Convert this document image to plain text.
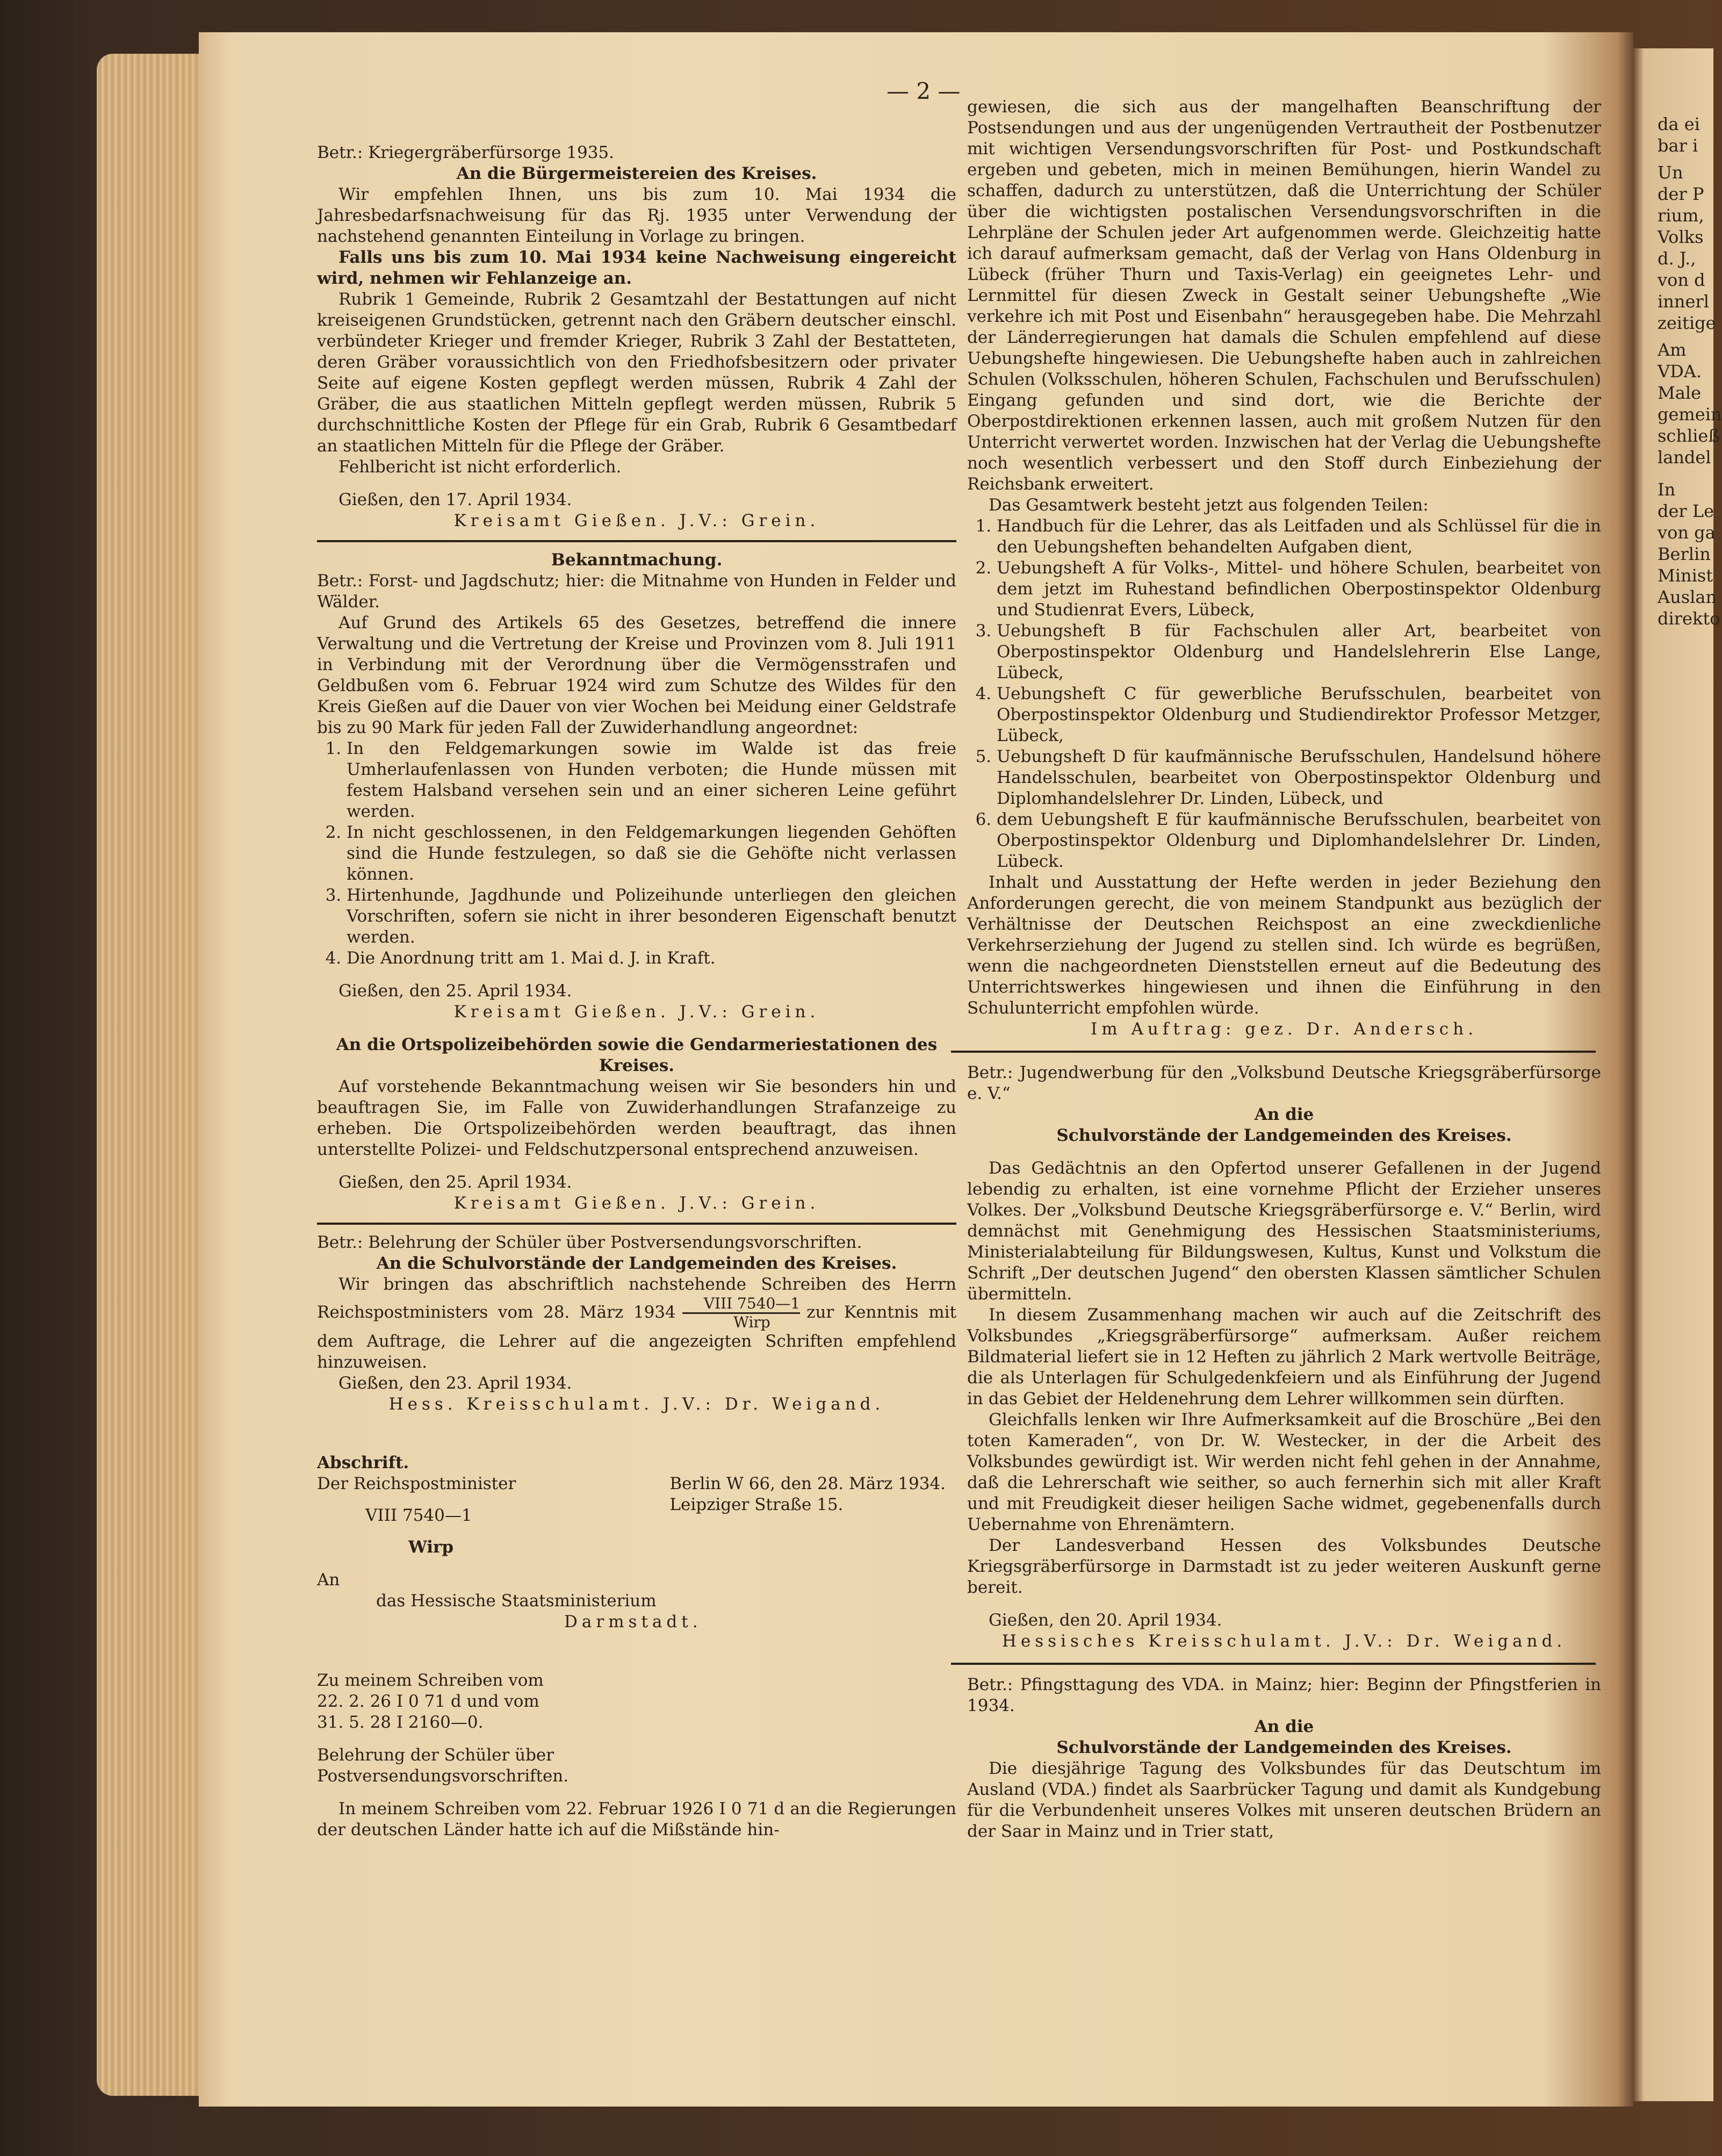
da ei
bar i
Un
der P
rium,
Volks
d. J.,
von d
innerl
zeitige
Am
VDA.
Male
gemein
schließ
landel
In
der Le
von ga
Berlin
Minist
Auslan
direkto
— 2 —

Betr.: Kriegergräberfürsorge 1935.

An die Bürgermeistereien des Kreises.

Wir empfehlen Ihnen, uns bis zum 10. Mai 1934 die Jahresbedarfsnachweisung für das Rj. 1935 unter Verwendung der nachstehend genannten Einteilung in Vorlage zu bringen.

Falls uns bis zum 10. Mai 1934 keine Nachweisung eingereicht wird, nehmen wir Fehlanzeige an.

Rubrik 1 Gemeinde, Rubrik 2 Gesamtzahl der Bestattungen auf nicht kreiseigenen Grundstücken, getrennt nach den Gräbern deutscher einschl. verbündeter Krieger und fremder Krieger, Rubrik 3 Zahl der Bestatteten, deren Gräber voraussichtlich von den Friedhofsbesitzern oder privater Seite auf eigene Kosten gepflegt werden müssen, Rubrik 4 Zahl der Gräber, die aus staatlichen Mitteln gepflegt werden müssen, Rubrik 5 durchschnittliche Kosten der Pflege für ein Grab, Rubrik 6 Gesamtbedarf an staatlichen Mitteln für die Pflege der Gräber.

Fehlbericht ist nicht erforderlich.

Gießen, den 17. April 1934.

Kreisamt Gießen. J.V.: Grein.

Bekanntmachung.

Betr.: Forst- und Jagdschutz; hier: die Mitnahme von Hunden in Felder und Wälder.

Auf Grund des Artikels 65 des Gesetzes, betreffend die innere Verwaltung und die Vertretung der Kreise und Provinzen vom 8. Juli 1911 in Verbindung mit der Verordnung über die Vermögensstrafen und Geldbußen vom 6. Februar 1924 wird zum Schutze des Wildes für den Kreis Gießen auf die Dauer von vier Wochen bei Meidung einer Geldstrafe bis zu 90 Mark für jeden Fall der Zuwiderhandlung angeordnet:

1. In den Feldgemarkungen sowie im Walde ist das freie Umherlaufenlassen von Hunden verboten; die Hunde müssen mit festem Halsband versehen sein und an einer sicheren Leine geführt werden.
2. In nicht geschlossenen, in den Feldgemarkungen liegenden Gehöften sind die Hunde festzulegen, so daß sie die Gehöfte nicht verlassen können.
3. Hirtenhunde, Jagdhunde und Polizeihunde unterliegen den gleichen Vorschriften, sofern sie nicht in ihrer besonderen Eigenschaft benutzt werden.
4. Die Anordnung tritt am 1. Mai d. J. in Kraft.

Gießen, den 25. April 1934.

Kreisamt Gießen. J.V.: Grein.

An die Ortspolizeibehörden sowie die Gendarmeriestationen des Kreises.

Auf vorstehende Bekanntmachung weisen wir Sie besonders hin und beauftragen Sie, im Falle von Zuwiderhandlungen Strafanzeige zu erheben. Die Ortspolizeibehörden werden beauftragt, das ihnen unterstellte Polizei- und Feldschutzpersonal entsprechend anzuweisen.

Gießen, den 25. April 1934.

Kreisamt Gießen. J.V.: Grein.

Betr.: Belehrung der Schüler über Postversendungsvorschriften.

An die Schulvorstände der Landgemeinden des Kreises.

Wir bringen das abschriftlich nachstehende Schreiben des Herrn Reichspostministers vom 28. März $1934 \frac{\text{VIII 7540—1}}{\text{Wirp}}$ zur Kenntnis mit dem Auftrage, die Lehrer auf die angezeigten Schriften empfehlend hinzuweisen.

Gießen, den 23. April 1934.

Hess. Kreisschulamt. J.V.: Dr. Weigand.

Abschrift.

Der Reichspostminister

VIII 7540—1

Wirp

Berlin W 66, den 28. März 1934.

Leipziger Straße 15.

An

das Hessische Staatsministerium

Darmstadt.

Zu meinem Schreiben vom

22. 2. 26 I 0 71 d und vom

31. 5. 28 I 2160—0.

Belehrung der Schüler über

Postversendungsvorschriften.

In meinem Schreiben vom 22. Februar 1926 I 0 71 d an die Regierungen der deutschen Länder hatte ich auf die Mißstände hin-

gewiesen, die sich aus der mangelhaften Beanschriftung der Postsendungen und aus der ungenügenden Vertrautheit der Postbenutzer mit wichtigen Versendungsvorschriften für Post- und Postkundschaft ergeben und gebeten, mich in meinen Bemühungen, hierin Wandel zu schaffen, dadurch zu unterstützen, daß die Unterrichtung der Schüler über die wichtigsten postalischen Versendungsvorschriften in die Lehrpläne der Schulen jeder Art aufgenommen werde. Gleichzeitig hatte ich darauf aufmerksam gemacht, daß der Verlag von Hans Oldenburg in Lübeck (früher Thurn und Taxis-Verlag) ein geeignetes Lehr- und Lernmittel für diesen Zweck in Gestalt seiner Uebungshefte „Wie verkehre ich mit Post und Eisenbahn“ herausgegeben habe. Die Mehrzahl der Länderregierungen hat damals die Schulen empfehlend auf diese Uebungshefte hingewiesen. Die Uebungshefte haben auch in zahlreichen Schulen (Volksschulen, höheren Schulen, Fachschulen und Berufsschulen) Eingang gefunden und sind dort, wie die Berichte der Oberpostdirektionen erkennen lassen, auch mit großem Nutzen für den Unterricht verwertet worden. Inzwischen hat der Verlag die Uebungshefte noch wesentlich verbessert und den Stoff durch Einbeziehung der Reichsbank erweitert.

Das Gesamtwerk besteht jetzt aus folgenden Teilen:

1. Handbuch für die Lehrer, das als Leitfaden und als Schlüssel für die in den Uebungsheften behandelten Aufgaben dient,
2. Uebungsheft A für Volks-, Mittel- und höhere Schulen, bearbeitet von dem jetzt im Ruhestand befindlichen Oberpostinspektor Oldenburg und Studienrat Evers, Lübeck,
3. Uebungsheft B für Fachschulen aller Art, bearbeitet von Oberpostinspektor Oldenburg und Handelslehrerin Else Lange, Lübeck,
4. Uebungsheft C für gewerbliche Berufsschulen, bearbeitet von Oberpostinspektor Oldenburg und Studiendirektor Professor Metzger, Lübeck,
5. Uebungsheft D für kaufmännische Berufsschulen, Handelsund höhere Handelsschulen, bearbeitet von Oberpostinspektor Oldenburg und Diplomhandelslehrer Dr. Linden, Lübeck, und
6. dem Uebungsheft E für kaufmännische Berufsschulen, bearbeitet von Oberpostinspektor Oldenburg und Diplomhandelslehrer Dr. Linden, Lübeck.

Inhalt und Ausstattung der Hefte werden in jeder Beziehung den Anforderungen gerecht, die von meinem Standpunkt aus bezüglich der Verhältnisse der Deutschen Reichspost an eine zweckdienliche Verkehrserziehung der Jugend zu stellen sind. Ich würde es begrüßen, wenn die nachgeordneten Dienststellen erneut auf die Bedeutung des Unterrichtswerkes hingewiesen und ihnen die Einführung in den Schulunterricht empfohlen würde.

Im Auftrag: gez. Dr. Andersch.

Betr.: Jugendwerbung für den „Volksbund Deutsche Kriegsgräberfürsorge e. V.“

An die

Schulvorstände der Landgemeinden des Kreises.

Das Gedächtnis an den Opfertod unserer Gefallenen in der Jugend lebendig zu erhalten, ist eine vornehme Pflicht der Erzieher unseres Volkes. Der „Volksbund Deutsche Kriegsgräberfürsorge e. V.“ Berlin, wird demnächst mit Genehmigung des Hessischen Staatsministeriums, Ministerialabteilung für Bildungswesen, Kultus, Kunst und Volkstum die Schrift „Der deutschen Jugend“ den obersten Klassen sämtlicher Schulen übermitteln.

In diesem Zusammenhang machen wir auch auf die Zeitschrift des Volksbundes „Kriegsgräberfürsorge“ aufmerksam. Außer reichem Bildmaterial liefert sie in 12 Heften zu jährlich 2 Mark wertvolle Beiträge, die als Unterlagen für Schulgedenkfeiern und als Einführung der Jugend in das Gebiet der Heldenehrung dem Lehrer willkommen sein dürften.

Gleichfalls lenken wir Ihre Aufmerksamkeit auf die Broschüre „Bei den toten Kameraden“, von Dr. W. Westecker, in der die Arbeit des Volksbundes gewürdigt ist. Wir werden nicht fehl gehen in der Annahme, daß die Lehrerschaft wie seither, so auch fernerhin sich mit aller Kraft und mit Freudigkeit dieser heiligen Sache widmet, gegebenenfalls durch Uebernahme von Ehrenämtern.

Der Landesverband Hessen des Volksbundes Deutsche Kriegsgräberfürsorge in Darmstadt ist zu jeder weiteren Auskunft gerne bereit.

Gießen, den 20. April 1934.

Hessisches Kreisschulamt. J.V.: Dr. Weigand.

Betr.: Pfingsttagung des VDA. in Mainz; hier: Beginn der Pfingstferien in 1934.

An die

Schulvorstände der Landgemeinden des Kreises.

Die diesjährige Tagung des Volksbundes für das Deutschtum im Ausland (VDA.) findet als Saarbrücker Tagung und damit als Kundgebung für die Verbundenheit unseres Volkes mit unseren deutschen Brüdern an der Saar in Mainz und in Trier statt,
